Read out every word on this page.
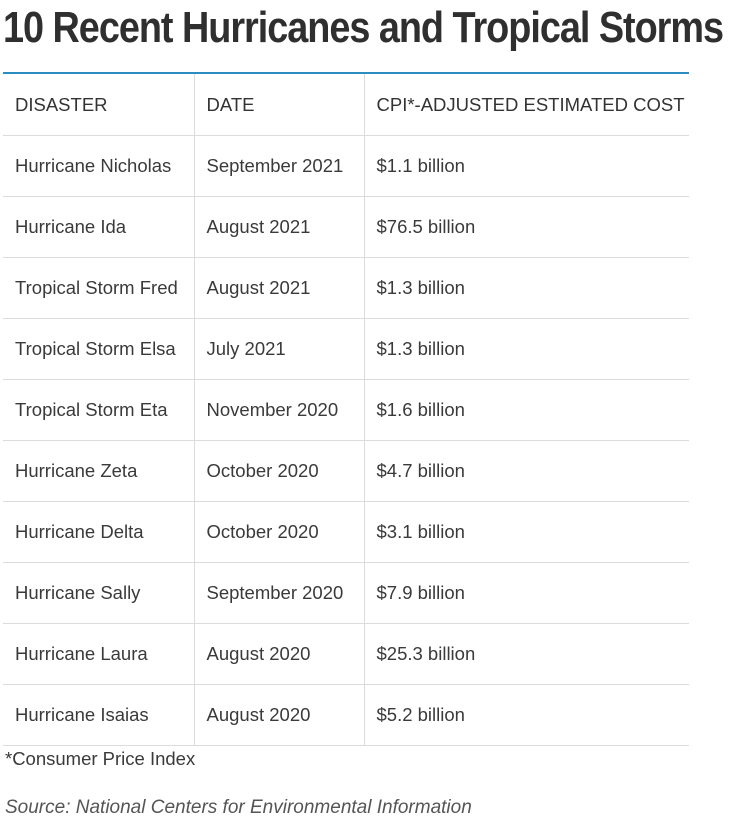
10 Recent Hurricanes and Tropical Storms
DISASTER	DATE	CPI*-ADJUSTED ESTIMATED COST
Hurricane Nicholas	September 2021	$1.1 billion
Hurricane Ida	August 2021	$76.5 billion
Tropical Storm Fred	August 2021	$1.3 billion
Tropical Storm Elsa	July 2021	$1.3 billion
Tropical Storm Eta	November 2020	$1.6 billion
Hurricane Zeta	October 2020	$4.7 billion
Hurricane Delta	October 2020	$3.1 billion
Hurricane Sally	September 2020	$7.9 billion
Hurricane Laura	August 2020	$25.3 billion
Hurricane Isaias	August 2020	$5.2 billion
*Consumer Price Index
Source: National Centers for Environmental Information
